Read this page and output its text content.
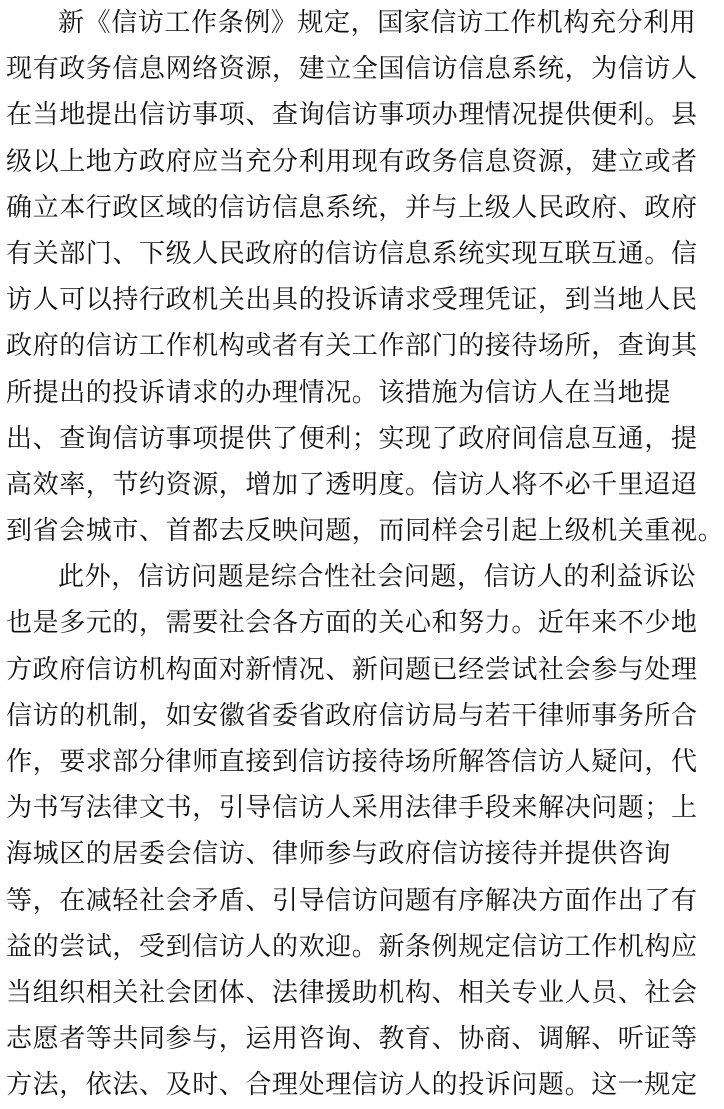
新《信访工作条例》规定，国家信访工作机构充分利用
现有政务信息网络资源，建立全国信访信息系统，为信访人
在当地提出信访事项、查询信访事项办理情况提供便利。县
级以上地方政府应当充分利用现有政务信息资源，建立或者
确立本行政区域的信访信息系统，并与上级人民政府、政府
有关部门、下级人民政府的信访信息系统实现互联互通。信
访人可以持行政机关出具的投诉请求受理凭证，到当地人民
政府的信访工作机构或者有关工作部门的接待场所，查询其
所提出的投诉请求的办理情况。该措施为信访人在当地提
出、查询信访事项提供了便利；实现了政府间信息互通，提
高效率，节约资源，增加了透明度。信访人将不必千里迢迢
到省会城市、首都去反映问题，而同样会引起上级机关重视。
此外，信访问题是综合性社会问题，信访人的利益诉讼
也是多元的，需要社会各方面的关心和努力。近年来不少地
方政府信访机构面对新情况、新问题已经尝试社会参与处理
信访的机制，如安徽省委省政府信访局与若干律师事务所合
作，要求部分律师直接到信访接待场所解答信访人疑问，代
为书写法律文书，引导信访人采用法律手段来解决问题；上
海城区的居委会信访、律师参与政府信访接待并提供咨询
等，在减轻社会矛盾、引导信访问题有序解决方面作出了有
益的尝试，受到信访人的欢迎。新条例规定信访工作机构应
当组织相关社会团体、法律援助机构、相关专业人员、社会
志愿者等共同参与，运用咨询、教育、协商、调解、听证等
方法，依法、及时、合理处理信访人的投诉问题。这一规定
